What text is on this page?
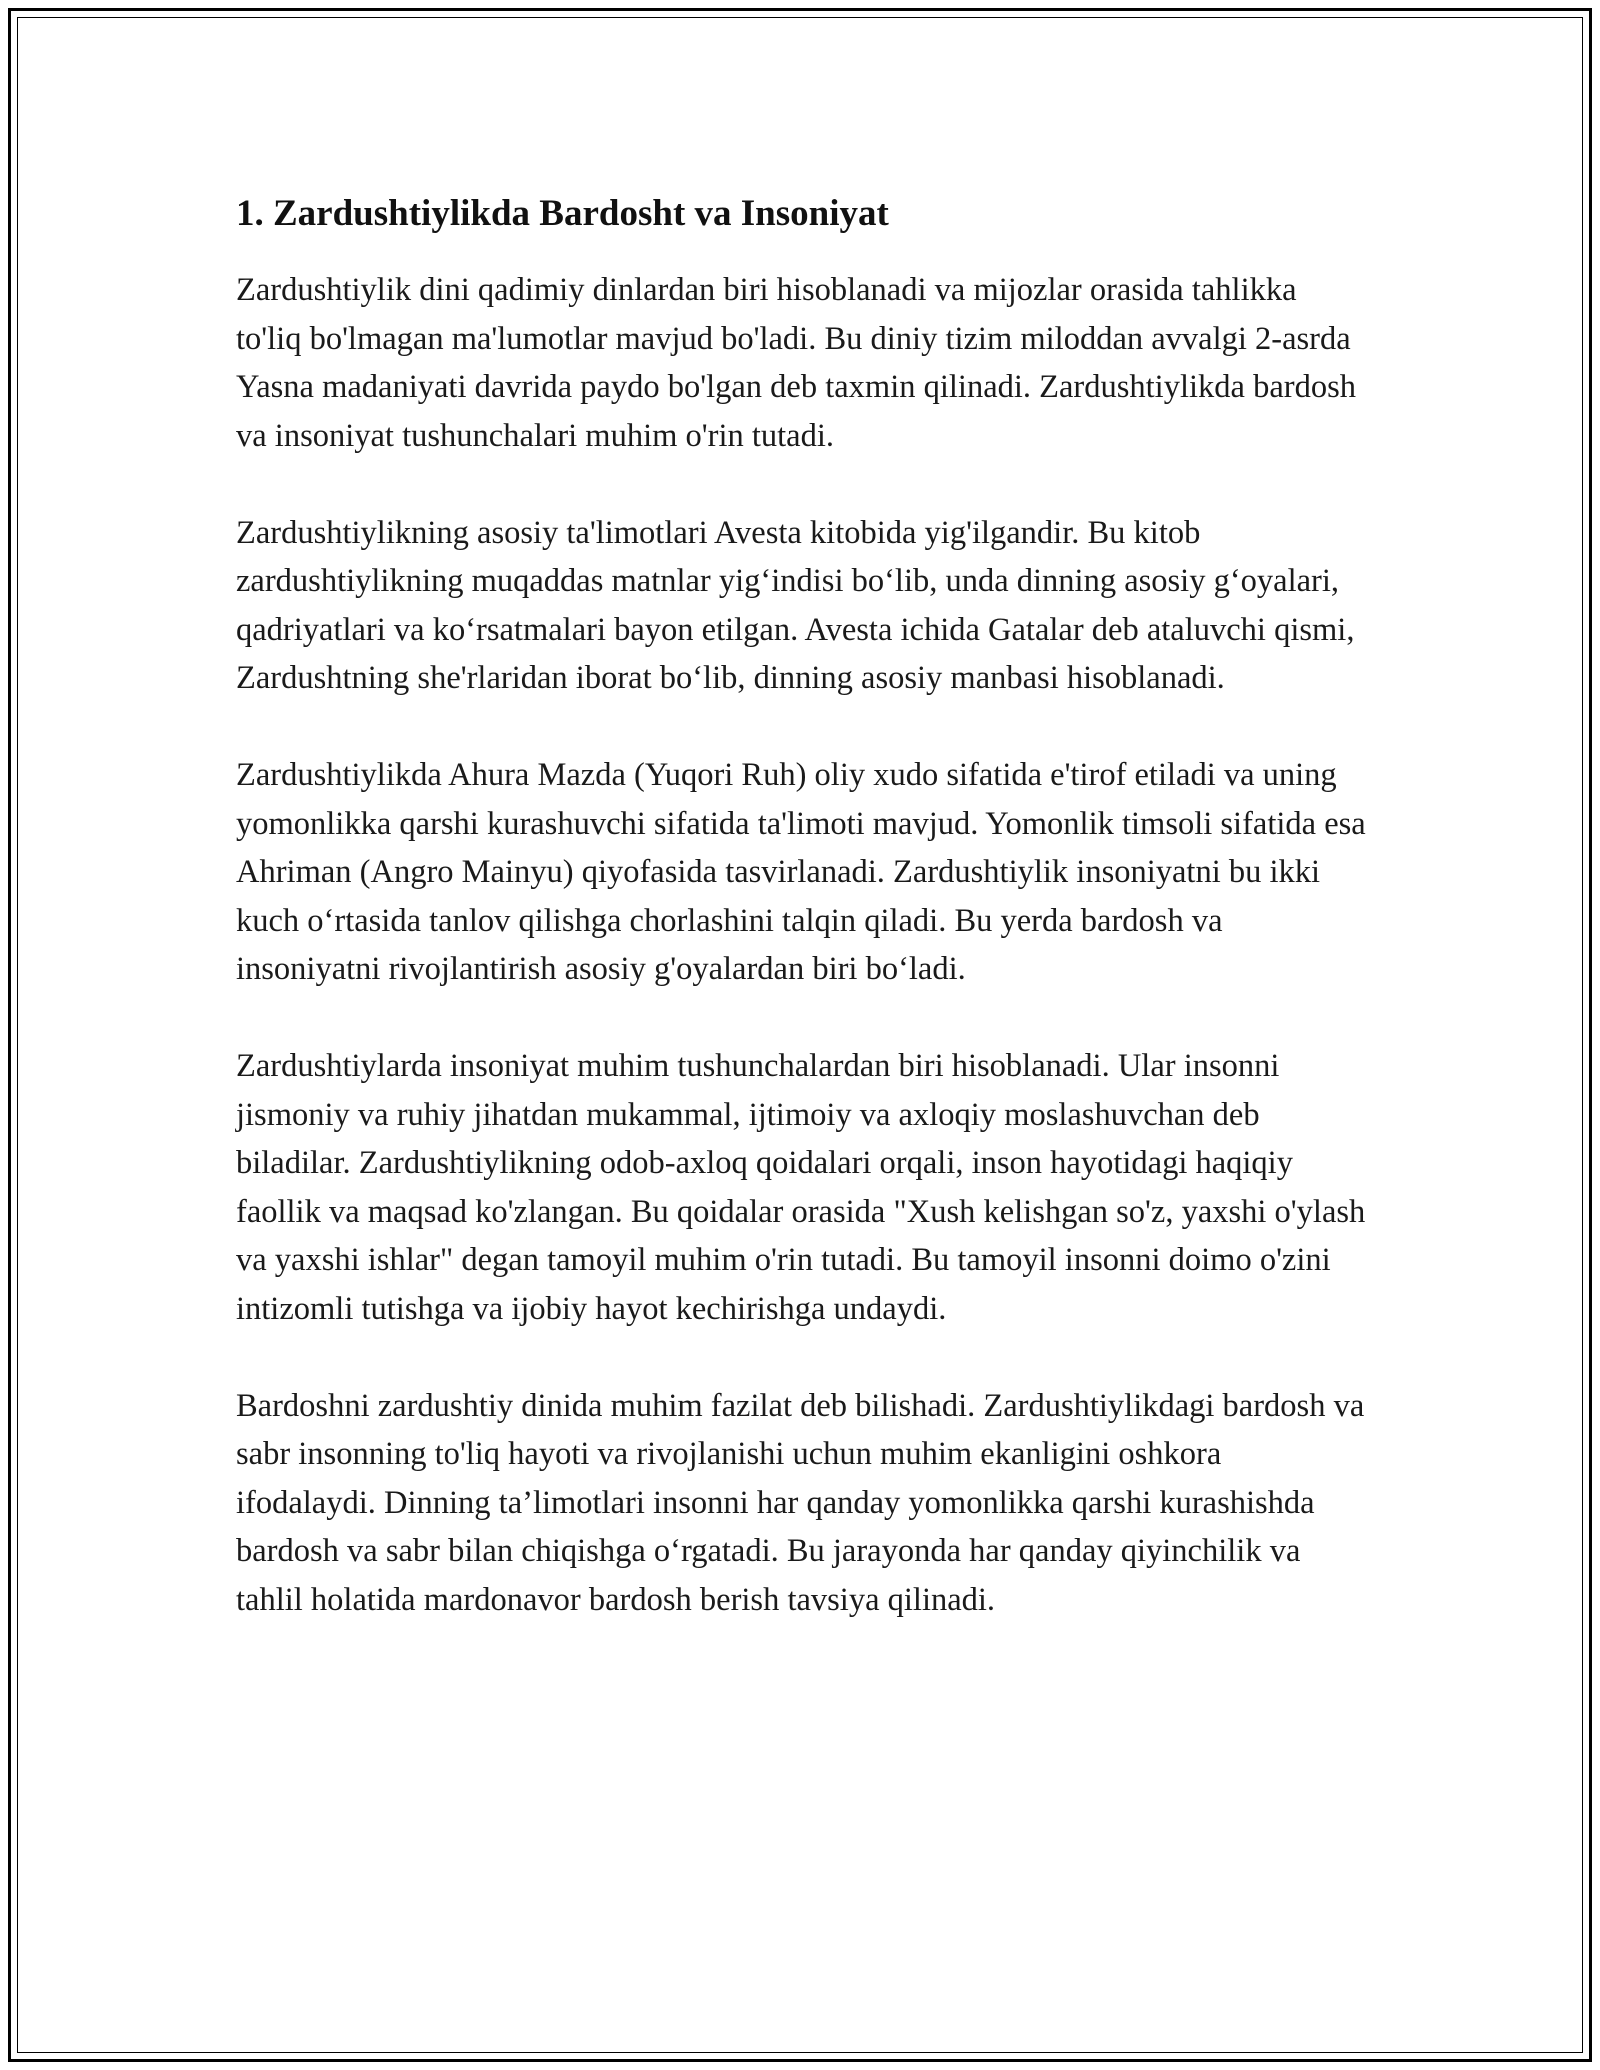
1. Zardushtiylikda Bardosht va Insoniyat

Zardushtiylik dini qadimiy dinlardan biri hisoblanadi va mijozlar orasida tahlikka to'liq bo'lmagan ma'lumotlar mavjud bo'ladi. Bu diniy tizim miloddan avvalgi 2-asrda Yasna madaniyati davrida paydo bo'lgan deb taxmin qilinadi. Zardushtiylikda bardosh va insoniyat tushunchalari muhim o'rin tutadi.

Zardushtiylikning asosiy ta'limotlari Avesta kitobida yig'ilgandir. Bu kitob zardushtiylikning muqaddas matnlar yig‘indisi bo‘lib, unda dinning asosiy g‘oyalari, qadriyatlari va ko‘rsatmalari bayon etilgan. Avesta ichida Gatalar deb ataluvchi qismi, Zardushtning she'rlaridan iborat bo‘lib, dinning asosiy manbasi hisoblanadi.

Zardushtiylikda Ahura Mazda (Yuqori Ruh) oliy xudo sifatida e'tirof etiladi va uning yomonlikka qarshi kurashuvchi sifatida ta'limoti mavjud. Yomonlik timsoli sifatida esa Ahriman (Angro Mainyu) qiyofasida tasvirlanadi. Zardushtiylik insoniyatni bu ikki kuch o‘rtasida tanlov qilishga chorlashini talqin qiladi. Bu yerda bardosh va insoniyatni rivojlantirish asosiy g'oyalardan biri bo‘ladi.

Zardushtiylarda insoniyat muhim tushunchalardan biri hisoblanadi. Ular insonni jismoniy va ruhiy jihatdan mukammal, ijtimoiy va axloqiy moslashuvchan deb biladilar. Zardushtiylikning odob-axloq qoidalari orqali, inson hayotidagi haqiqiy faollik va maqsad ko'zlangan. Bu qoidalar orasida "Xush kelishgan so'z, yaxshi o'ylash va yaxshi ishlar" degan tamoyil muhim o'rin tutadi. Bu tamoyil insonni doimo o'zini intizomli tutishga va ijobiy hayot kechirishga undaydi.

Bardoshni zardushtiy dinida muhim fazilat deb bilishadi. Zardushtiylikdagi bardosh va sabr insonning to'liq hayoti va rivojlanishi uchun muhim ekanligini oshkora ifodalaydi. Dinning ta’limotlari insonni har qanday yomonlikka qarshi kurashishda bardosh va sabr bilan chiqishga o‘rgatadi. Bu jarayonda har qanday qiyinchilik va tahlil holatida mardonavor bardosh berish tavsiya qilinadi.
